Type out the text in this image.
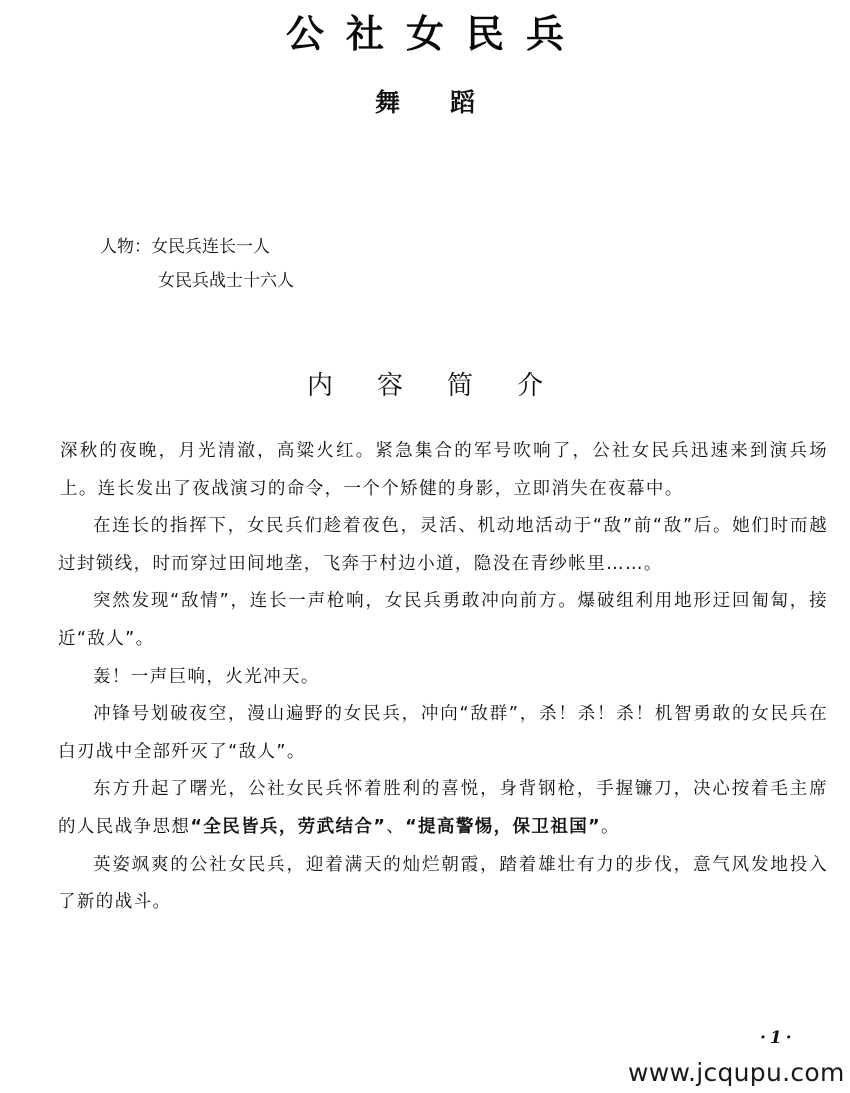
公社女民兵
舞蹈
人物：女民兵连长一人
女民兵战士十六人
内容简介

深秋的夜晚，月光清澈，高粱火红。紧急集合的军号吹响了，公社女民兵迅速来到演兵场上。连长发出了夜战演习的命令，一个个矫健的身影，立即消失在夜幕中。

在连长的指挥下，女民兵们趁着夜色，灵活、机动地活动于“敌”前“敌”后。她们时而越过封锁线，时而穿过田间地垄，飞奔于村边小道，隐没在青纱帐里……。

突然发现“敌情”，连长一声枪响，女民兵勇敢冲向前方。爆破组利用地形迂回匍匐，接近“敌人”。

轰！一声巨响，火光冲天。

冲锋号划破夜空，漫山遍野的女民兵，冲向“敌群”，杀！杀！杀！机智勇敢的女民兵在白刃战中全部歼灭了“敌人”。

东方升起了曙光，公社女民兵怀着胜利的喜悦，身背钢枪，手握镰刀，决心按着毛主席的人民战争思想“全民皆兵，劳武结合”、“提高警惕，保卫祖国”。

英姿飒爽的公社女民兵，迎着满天的灿烂朝霞，踏着雄壮有力的步伐，意气风发地投入了新的战斗。

·1·
www.jcqupu.com
